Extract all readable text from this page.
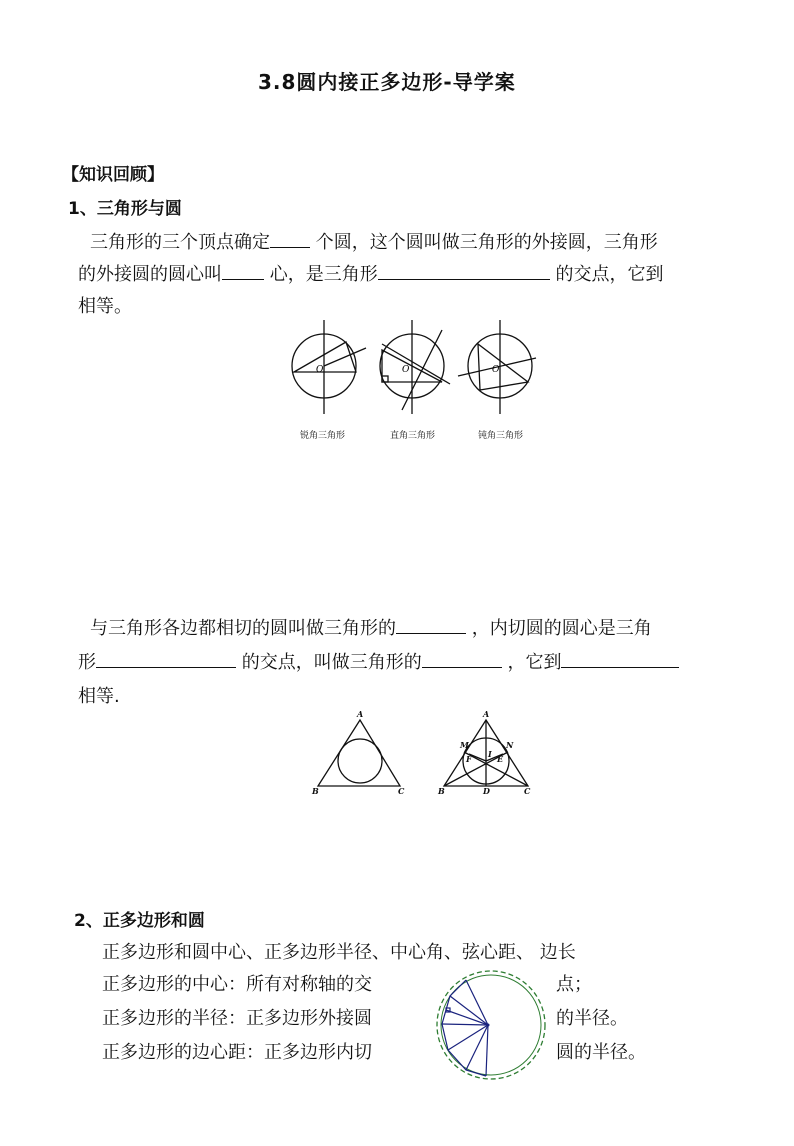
3.8圆内接正多边形-导学案
【知识回顾】
1、三角形与圆
三角形的三个顶点确定	个圆，这个圆叫做三角形的外接圆，三角形
的外接圆的圆心叫	心，是三角形	的交点，它到
相等。
O	O	O
锐角三角形	直角三角形	钝角三角形
与三角形各边都相切的圆叫做三角形的	，内切圆的圆心是三角
形	的交点，叫做三角形的	，它到
相等.
A
B	C
A
B	C
D
M	N
F	E
I
2、正多边形和圆
正多边形和圆中心、正多边形半径、中心角、弦心距、 边长
正多边形的中心：所有对称轴的交	点；
正多边形的半径：正多边形外接圆	的半径。
正多边形的边心距：正多边形内切	圆的半径。
